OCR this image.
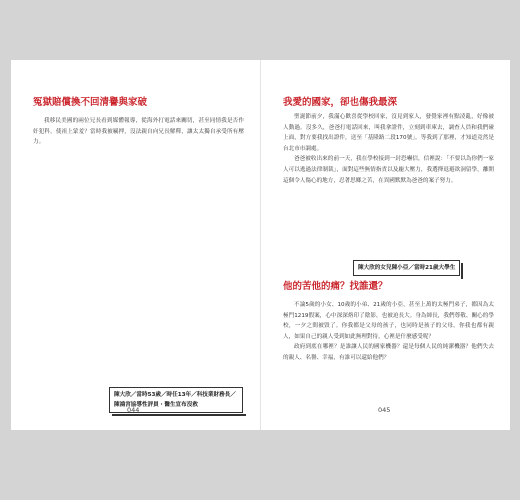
冤獄賠償換不回清譽與家破

我移民美國的兩位兄長看到媒體報導，從海外打電話來關切，甚至同情我是否作奸犯科，使祖上蒙羞？當時我被羈押，沒法親自向兄長解釋，讓太太獨自承受所有壓力。

陳大欣／當時53歲／時任13年／科技業財務長／陳鴻宮協導性評員・醫生宣布沒救
044
我愛的國家，卻也傷我最深

聖誕節前夕，我滿心歡喜從學校回家，沒見到家人，發覺家裡有點凌亂，好像被人動過。沒多久，爸爸打電話回來，叫我拿證件，立刻到車庫去，調查人員和我們碰上面，對方要我找出證件，送至「基隆路二段170號」。等我到了那裡，才知道竟然是台北市市調處。

爸爸被收出來的前一天，我在學校接到一封恐嚇信，信裡說：「不要以為你們一家人可以逃過法律制裁」，面對這些無情指責以及龐大壓力，我選擇退避欲洞留學，離開這個令人傷心的地方，忍著思鄉之苦，在異國默默為爸爸的案子努力。

陳大欣的女兒陳小亞／當時21歲大學生
他的苦他的痛？找誰還？

不論5歲的小女、10歲的小弟、21歲的小亞，甚至上萬的太極門弟子，都因為太極門1219假案，心中深深烙印了陰影，也被迫長大。身為師長，我們尊敬、關心的學校，一夕之間被毀了。你我都是父母的孩子，也同時是孩子的父母，你我也都有親人，如果自己的親人受到如此無理對待，心裡是什麼感受呢？

政府到底在哪裡？是誰讓人民的國家機器？還是每個人民的純潔機器？他們失去的親人、名譽、幸福，有誰可以還給他們？

045
